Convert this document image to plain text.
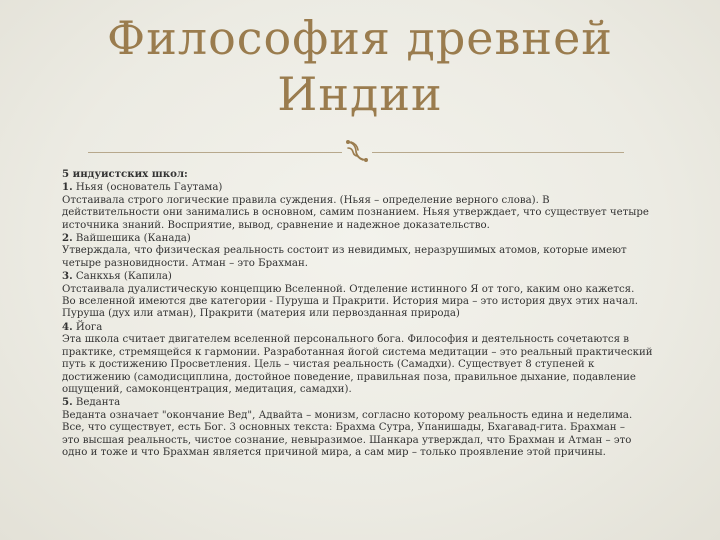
Философия древней
Индии

5 индуистских школ:

1. Ньяя (основатель Гаутама)

Отстаивала строго логические правила суждения. (Ньяя – определение верного слова). В

действительности они занимались в основном, самим познанием. Ньяя утверждает, что существует четыре

источника знаний. Восприятие, вывод, сравнение и надежное доказательство.

2. Вайшешика (Канада)

Утверждала, что физическая реальность состоит из невидимых, неразрушимых атомов, которые имеют

четыре разновидности. Атман – это Брахман.

3. Санкхья (Капила)

Отстаивала дуалистическую концепцию Вселенной. Отделение истинного Я от того, каким оно кажется.

Во вселенной имеются две категории - Пуруша и Пракрити. История мира – это история двух этих начал.

Пуруша (дух или атман), Пракрити (материя или первозданная природа)

4. Йога

Эта школа считает двигателем вселенной персонального бога. Философия и деятельность сочетаются в

практике, стремящейся к гармонии. Разработанная йогой система медитации – это реальный практический

путь к достижению Просветления. Цель – чистая реальность (Самадхи). Существует 8 ступеней к

достижению (самодисциплина, достойное поведение, правильная поза, правильное дыхание, подавление

ощущений, самоконцентрация, медитация, самадхи).

5. Веданта

Веданта означает "окончание Вед", Адвайта – монизм, согласно которому реальность едина и неделима.

Все, что существует, есть Бог. 3 основных текста: Брахма Сутра, Упанишады, Бхагавад-гита. Брахман –

это высшая реальность, чистое сознание, невыразимое. Шанкара утверждал, что Брахман и Атман – это

одно и тоже и что Брахман является причиной мира, а сам мир – только проявление этой причины.
